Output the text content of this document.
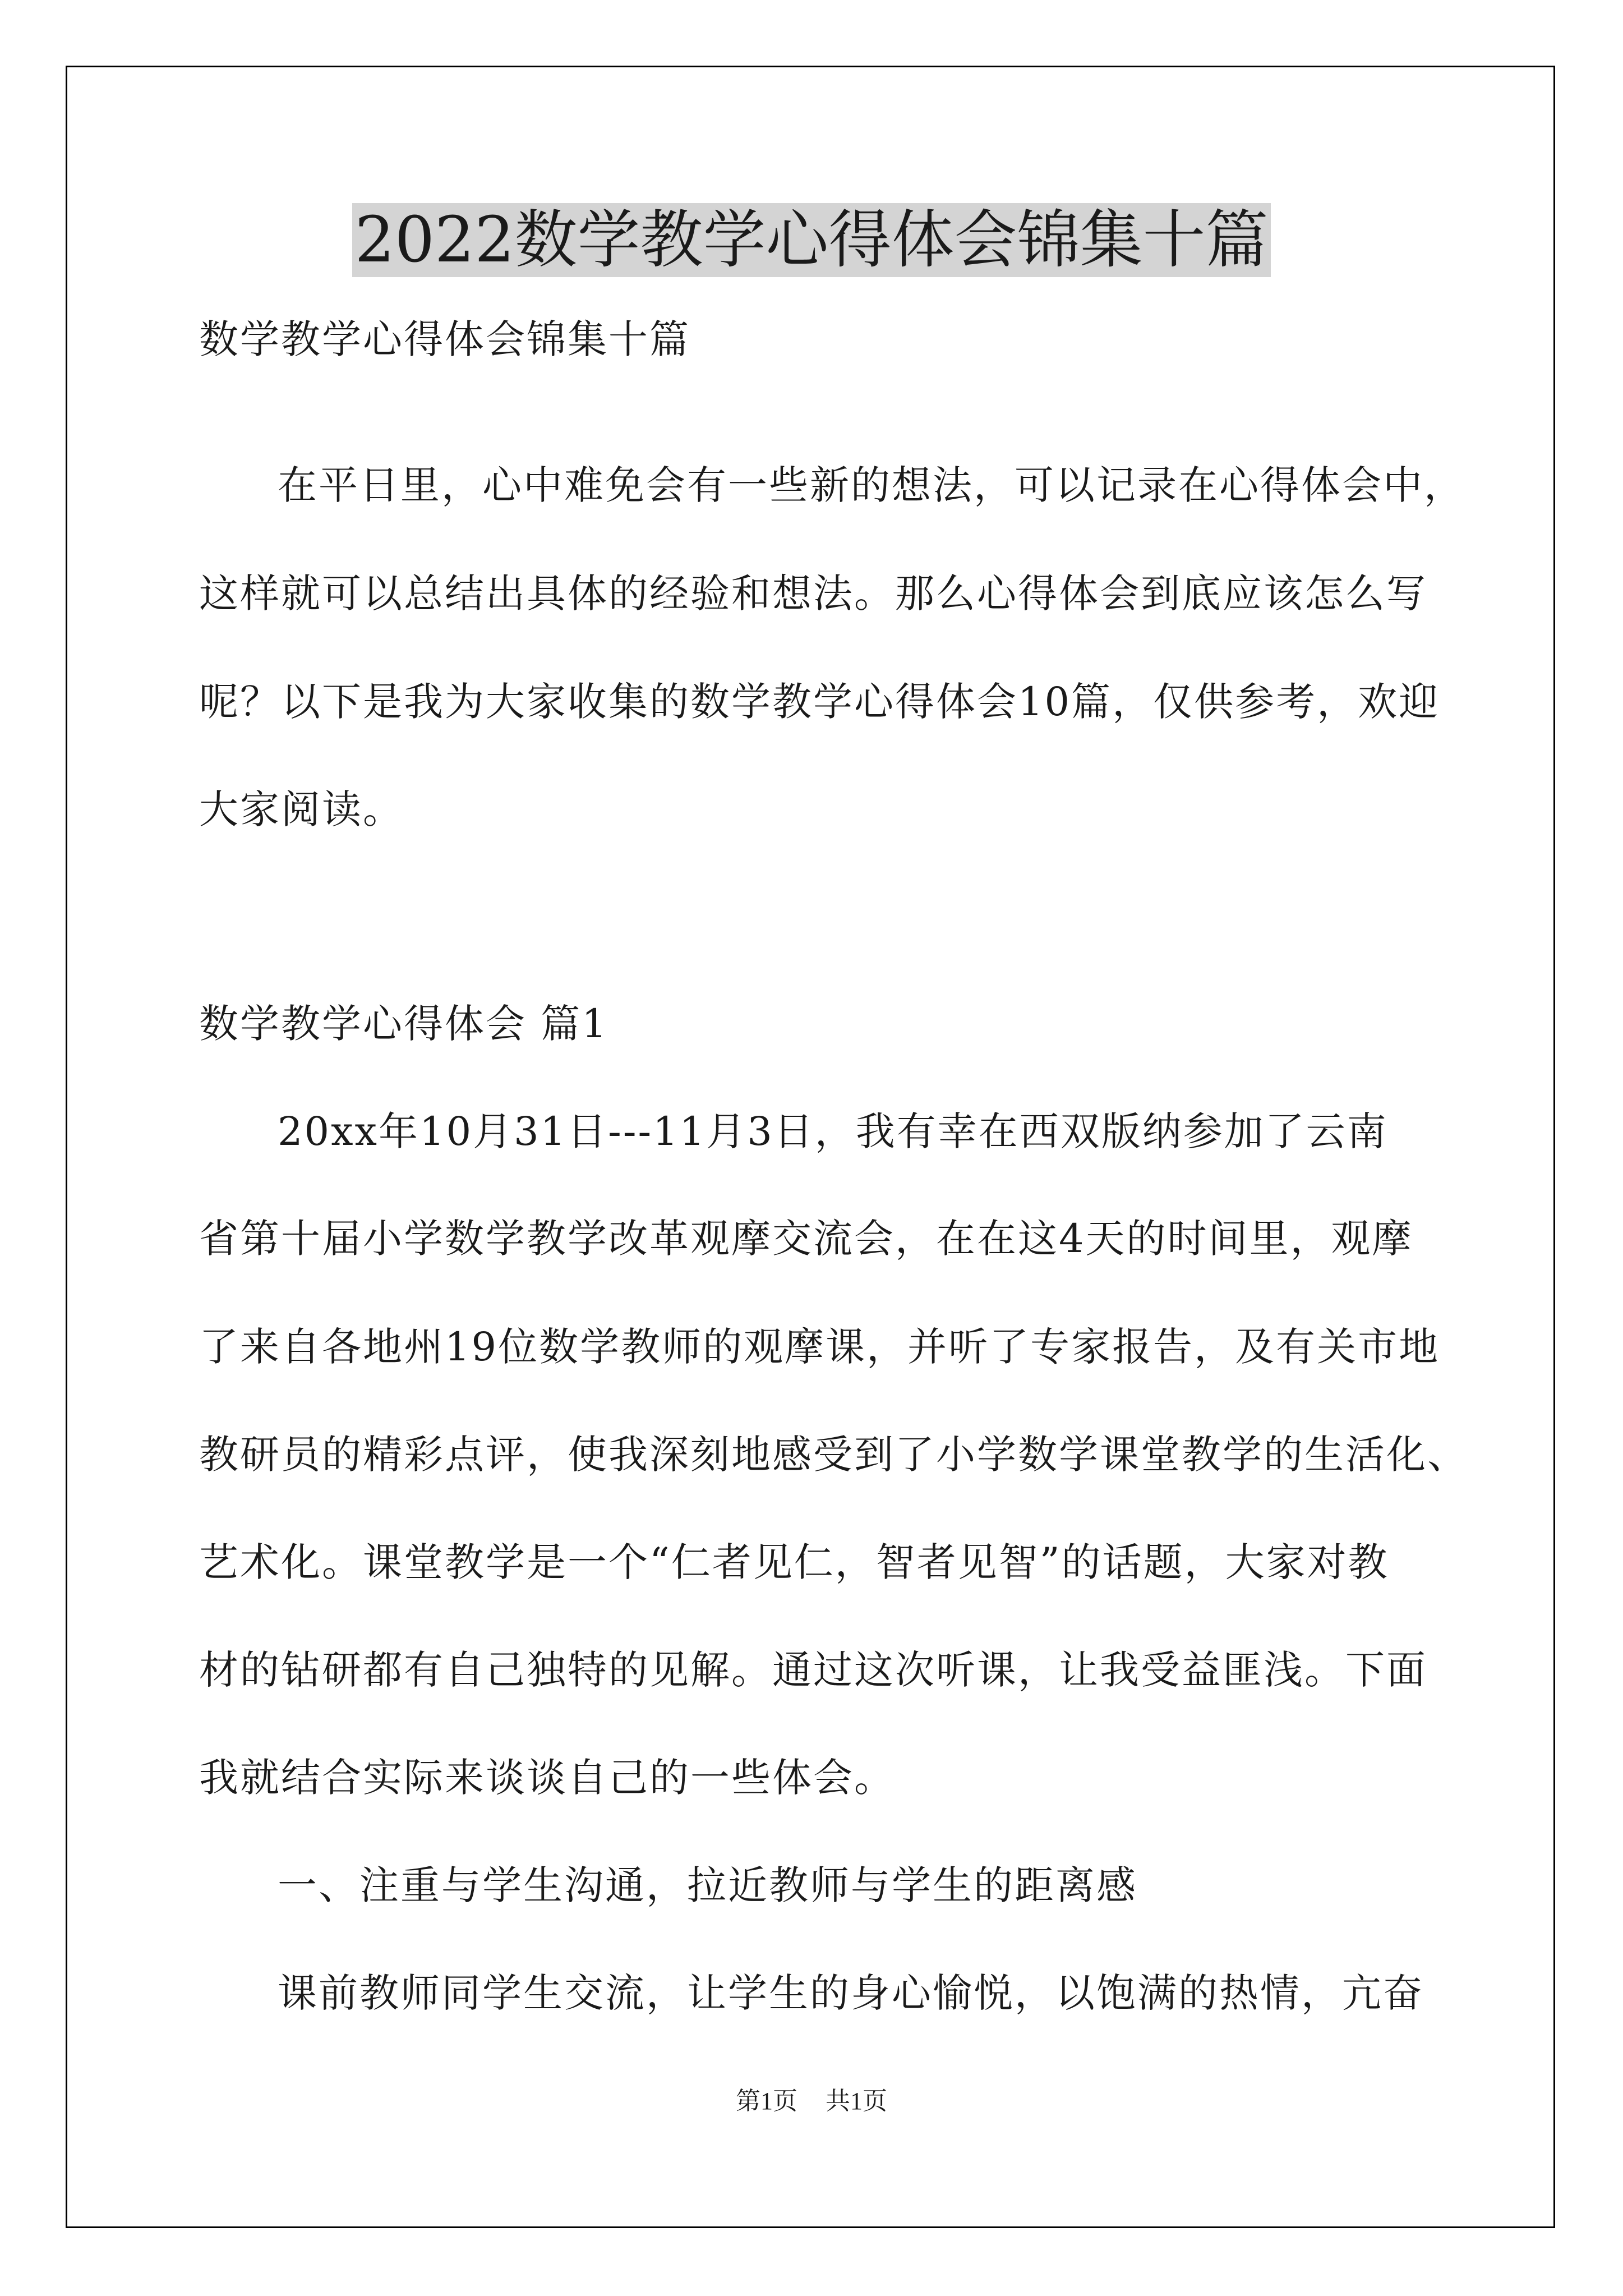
2022数学教学心得体会锦集十篇
数学教学心得体会锦集十篇
在平日里，心中难免会有一些新的想法，可以记录在心得体会中，
这样就可以总结出具体的经验和想法。那么心得体会到底应该怎么写
呢？以下是我为大家收集的数学教学心得体会10篇，仅供参考，欢迎
大家阅读。
数学教学心得体会 篇1
20xx年10月31日---11月3日，我有幸在西双版纳参加了云南
省第十届小学数学教学改革观摩交流会，在在这4天的时间里，观摩
了来自各地州19位数学教师的观摩课，并听了专家报告，及有关市地
教研员的精彩点评，使我深刻地感受到了小学数学课堂教学的生活化、
艺术化。课堂教学是一个“仁者见仁，智者见智”的话题，大家对教
材的钻研都有自己独特的见解。通过这次听课，让我受益匪浅。下面
我就结合实际来谈谈自己的一些体会。
一、注重与学生沟通，拉近教师与学生的距离感
课前教师同学生交流，让学生的身心愉悦，以饱满的热情，亢奋
第1页 共1页
